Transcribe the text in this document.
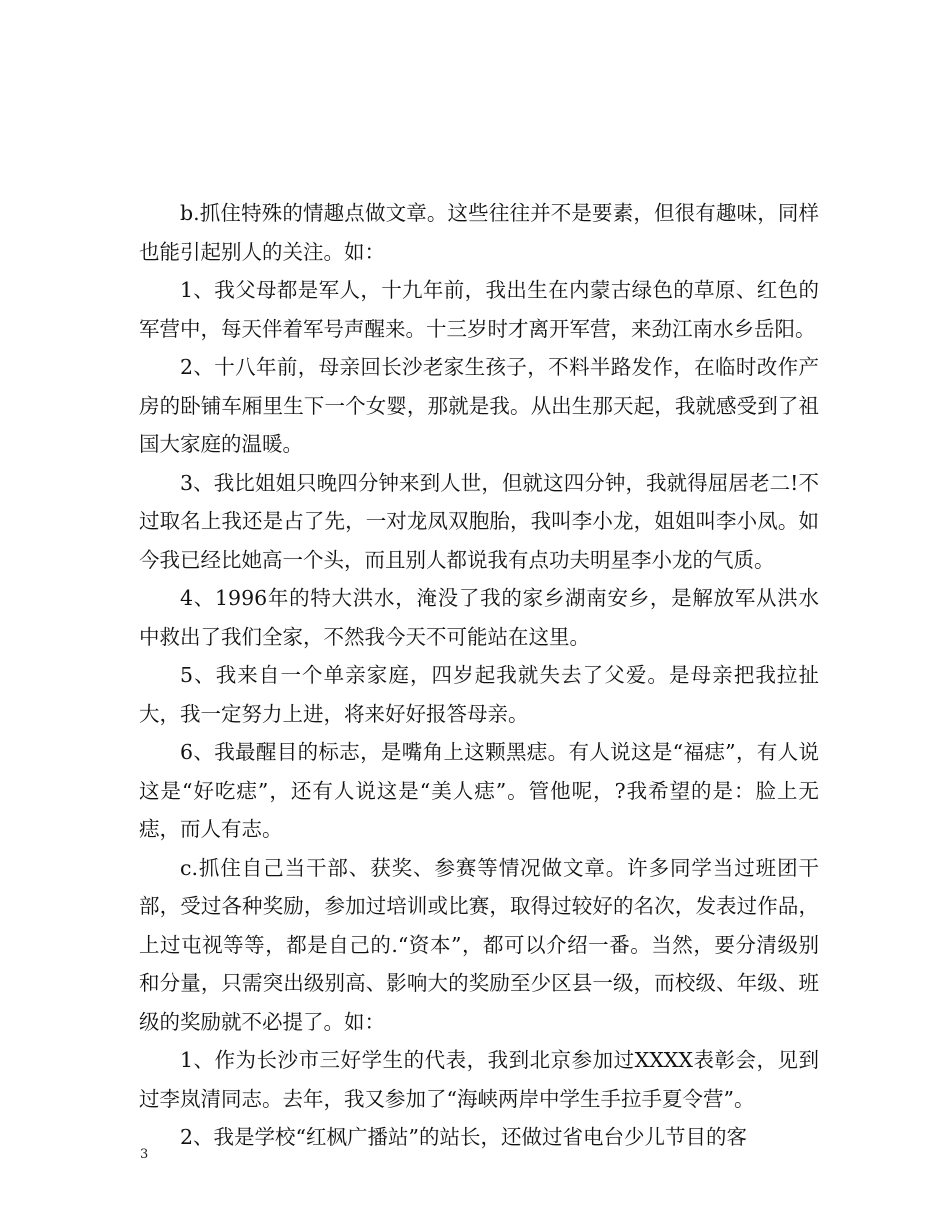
b.抓住特殊的情趣点做文章。这些往往并不是要素，但很有趣味，同样也能引起别人的关注。如：

1、我父母都是军人，十九年前，我出生在内蒙古绿色的草原、红色的军营中，每天伴着军号声醒来。十三岁时才离开军营，来劲江南水乡岳阳。

2、十八年前，母亲回长沙老家生孩子，不料半路发作，在临时改作产房的卧铺车厢里生下一个女婴，那就是我。从出生那天起，我就感受到了祖国大家庭的温暖。

3、我比姐姐只晚四分钟来到人世，但就这四分钟，我就得屈居老二!不过取名上我还是占了先，一对龙凤双胞胎，我叫李小龙，姐姐叫李小凤。如今我已经比她高一个头，而且别人都说我有点功夫明星李小龙的气质。

4、1996年的特大洪水，淹没了我的家乡湖南安乡，是解放军从洪水中救出了我们全家，不然我今天不可能站在这里。

5、我来自一个单亲家庭，四岁起我就失去了父爱。是母亲把我拉扯大，我一定努力上进，将来好好报答母亲。

6、我最醒目的标志，是嘴角上这颗黑痣。有人说这是“福痣”，有人说这是“好吃痣”，还有人说这是“美人痣”。管他呢，?我希望的是：脸上无痣，而人有志。

c.抓住自己当干部、获奖、参赛等情况做文章。许多同学当过班团干部，受过各种奖励，参加过培训或比赛，取得过较好的名次，发表过作品，上过屯视等等，都是自己的.“资本”，都可以介绍一番。当然，要分清级别和分量，只需突出级别高、影响大的奖励至少区县一级，而校级、年级、班级的奖励就不必提了。如：

1、作为长沙市三好学生的代表，我到北京参加过XXXX表彰会，见到过李岚清同志。去年，我又参加了“海峡两岸中学生手拉手夏令营”。

2、我是学校“红枫广播站”的站长，还做过省电台少儿节目的客

3
